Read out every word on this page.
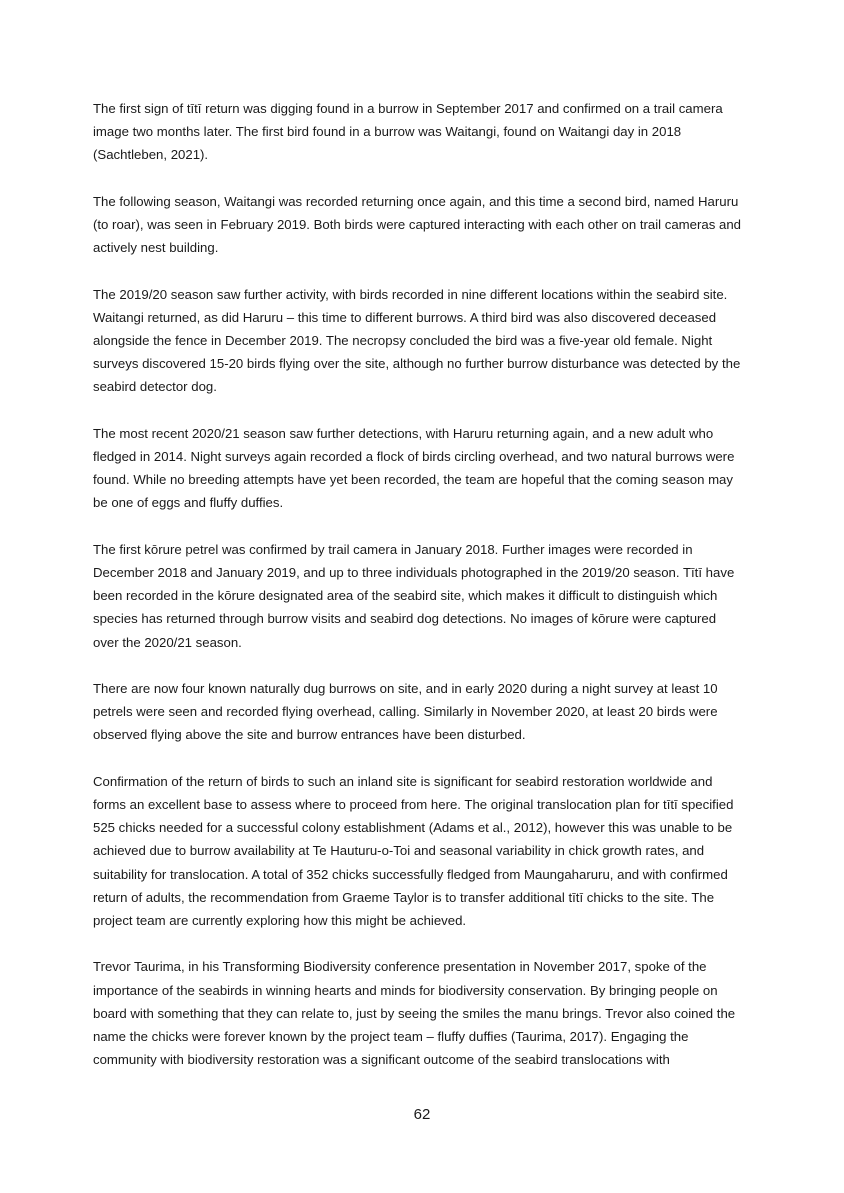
The first sign of tītī return was digging found in a burrow in September 2017 and confirmed on a trail camera image two months later. The first bird found in a burrow was Waitangi, found on Waitangi day in 2018 (Sachtleben, 2021).

The following season, Waitangi was recorded returning once again, and this time a second bird, named Haruru (to roar), was seen in February 2019. Both birds were captured interacting with each other on trail cameras and actively nest building.

The 2019/20 season saw further activity, with birds recorded in nine different locations within the seabird site. Waitangi returned, as did Haruru – this time to different burrows. A third bird was also discovered deceased alongside the fence in December 2019. The necropsy concluded the bird was a five-year old female. Night surveys discovered 15-20 birds flying over the site, although no further burrow disturbance was detected by the seabird detector dog.

The most recent 2020/21 season saw further detections, with Haruru returning again, and a new adult who fledged in 2014. Night surveys again recorded a flock of birds circling overhead, and two natural burrows were found. While no breeding attempts have yet been recorded, the team are hopeful that the coming season may be one of eggs and fluffy duffies.

The first kōrure petrel was confirmed by trail camera in January 2018. Further images were recorded in December 2018 and January 2019, and up to three individuals photographed in the 2019/20 season. Tītī have been recorded in the kōrure designated area of the seabird site, which makes it difficult to distinguish which species has returned through burrow visits and seabird dog detections. No images of kōrure were captured over the 2020/21 season.

There are now four known naturally dug burrows on site, and in early 2020 during a night survey at least 10 petrels were seen and recorded flying overhead, calling. Similarly in November 2020, at least 20 birds were observed flying above the site and burrow entrances have been disturbed.

Confirmation of the return of birds to such an inland site is significant for seabird restoration worldwide and forms an excellent base to assess where to proceed from here. The original translocation plan for tītī specified 525 chicks needed for a successful colony establishment (Adams et al., 2012), however this was unable to be achieved due to burrow availability at Te Hauturu-o-Toi and seasonal variability in chick growth rates, and suitability for translocation. A total of 352 chicks successfully fledged from Maungaharuru, and with confirmed return of adults, the recommendation from Graeme Taylor is to transfer additional tītī chicks to the site. The project team are currently exploring how this might be achieved.

Trevor Taurima, in his Transforming Biodiversity conference presentation in November 2017, spoke of the importance of the seabirds in winning hearts and minds for biodiversity conservation. By bringing people on board with something that they can relate to, just by seeing the smiles the manu brings. Trevor also coined the name the chicks were forever known by the project team – fluffy duffies (Taurima, 2017). Engaging the community with biodiversity restoration was a significant outcome of the seabird translocations with

62
